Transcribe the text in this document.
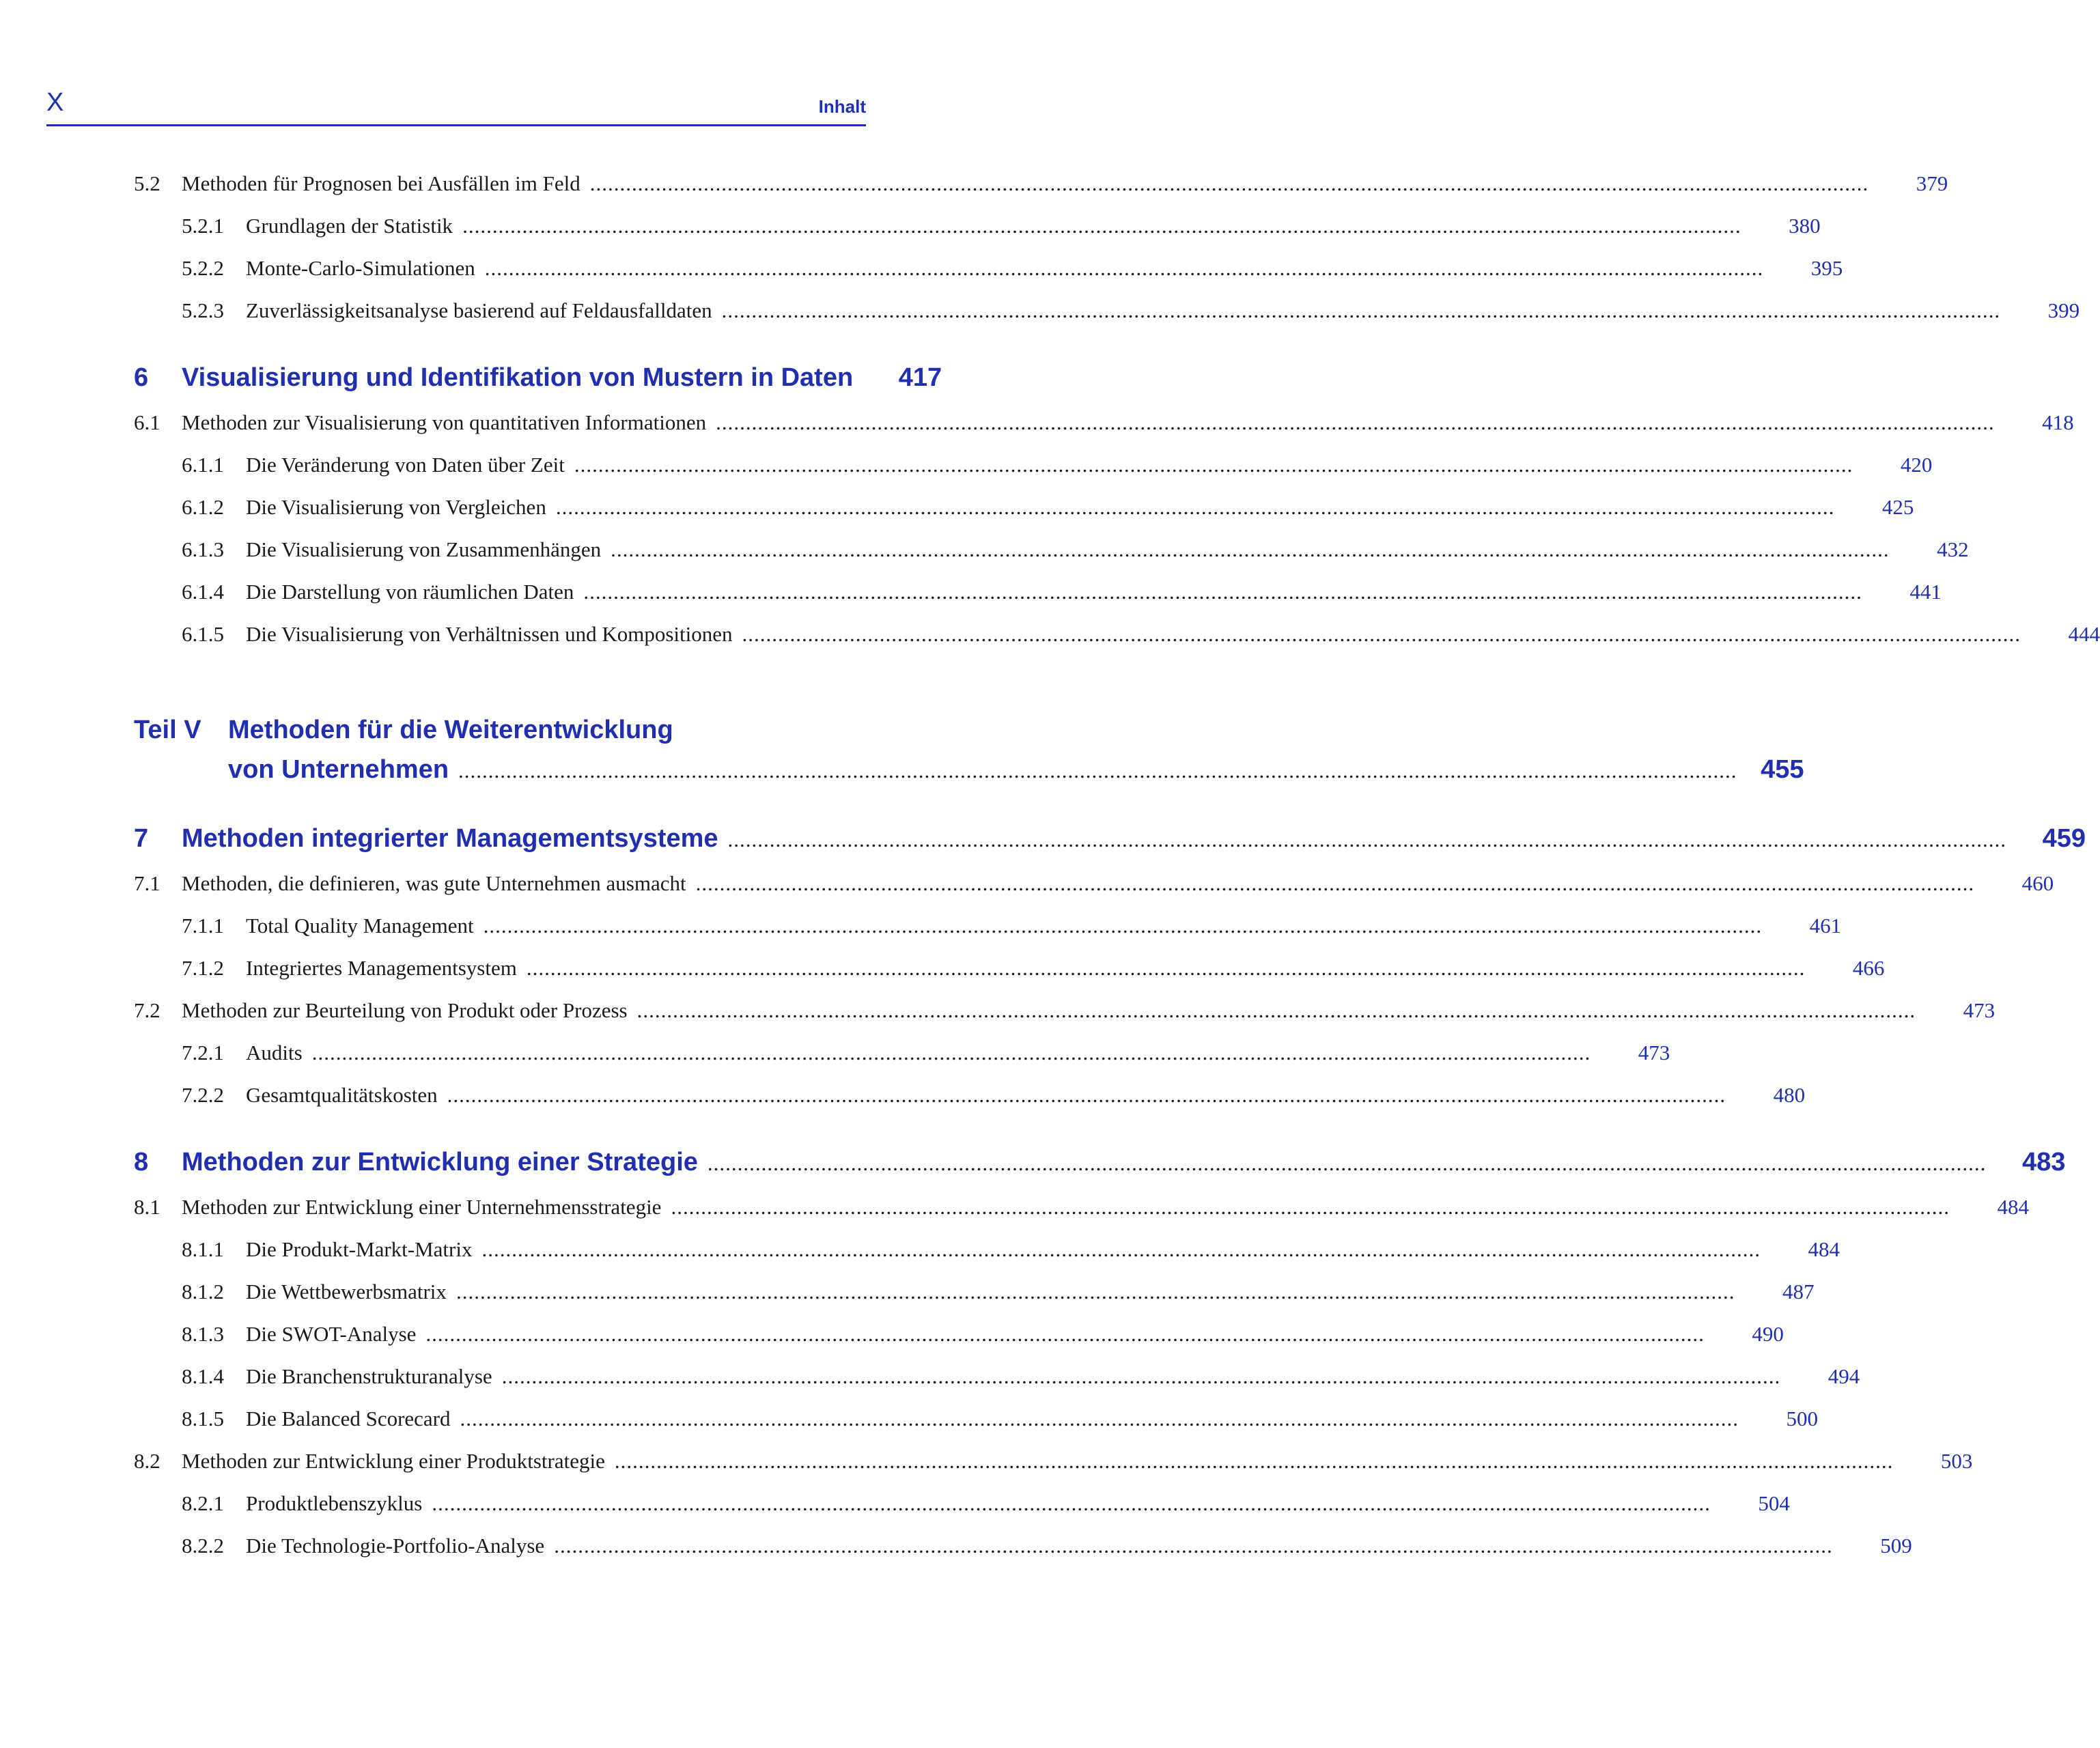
X	Inhalt
5.2	Methoden für Prognosen bei Ausfällen im Feld ......................................................................................................................................................................................................................	379
5.2.1	Grundlagen der Statistik ......................................................................................................................................................................................................................	380
5.2.2	Monte-Carlo-Simulationen ......................................................................................................................................................................................................................	395
5.2.3	Zuverlässigkeitsanalyse basierend auf Feldausfalldaten ......................................................................................................................................................................................................................	399
6	Visualisierung und Identifikation von Mustern in Daten	417
6.1	Methoden zur Visualisierung von quantitativen Informationen ......................................................................................................................................................................................................................	418
6.1.1	Die Veränderung von Daten über Zeit ......................................................................................................................................................................................................................	420
6.1.2	Die Visualisierung von Vergleichen ......................................................................................................................................................................................................................	425
6.1.3	Die Visualisierung von Zusammenhängen ......................................................................................................................................................................................................................	432
6.1.4	Die Darstellung von räumlichen Daten ......................................................................................................................................................................................................................	441
6.1.5	Die Visualisierung von Verhältnissen und Kompositionen ......................................................................................................................................................................................................................	444
Teil V Methoden für die Weiterentwicklung
von Unternehmen ...................................................................................................................................................................................................................... 455
7	Methoden integrierter Managementsysteme ......................................................................................................................................................................................................................	459
7.1	Methoden, die definieren, was gute Unternehmen ausmacht ......................................................................................................................................................................................................................	460
7.1.1	Total Quality Management ......................................................................................................................................................................................................................	461
7.1.2	Integriertes Managementsystem ......................................................................................................................................................................................................................	466
7.2	Methoden zur Beurteilung von Produkt oder Prozess ......................................................................................................................................................................................................................	473
7.2.1	Audits ......................................................................................................................................................................................................................	473
7.2.2	Gesamtqualitätskosten ......................................................................................................................................................................................................................	480
8	Methoden zur Entwicklung einer Strategie ......................................................................................................................................................................................................................	483
8.1	Methoden zur Entwicklung einer Unternehmensstrategie ......................................................................................................................................................................................................................	484
8.1.1	Die Produkt-Markt-Matrix ......................................................................................................................................................................................................................	484
8.1.2	Die Wettbewerbsmatrix ......................................................................................................................................................................................................................	487
8.1.3	Die SWOT-Analyse ......................................................................................................................................................................................................................	490
8.1.4	Die Branchenstrukturanalyse ......................................................................................................................................................................................................................	494
8.1.5	Die Balanced Scorecard ......................................................................................................................................................................................................................	500
8.2	Methoden zur Entwicklung einer Produktstrategie ......................................................................................................................................................................................................................	503
8.2.1	Produktlebenszyklus ......................................................................................................................................................................................................................	504
8.2.2	Die Technologie-Portfolio-Analyse ......................................................................................................................................................................................................................	509
